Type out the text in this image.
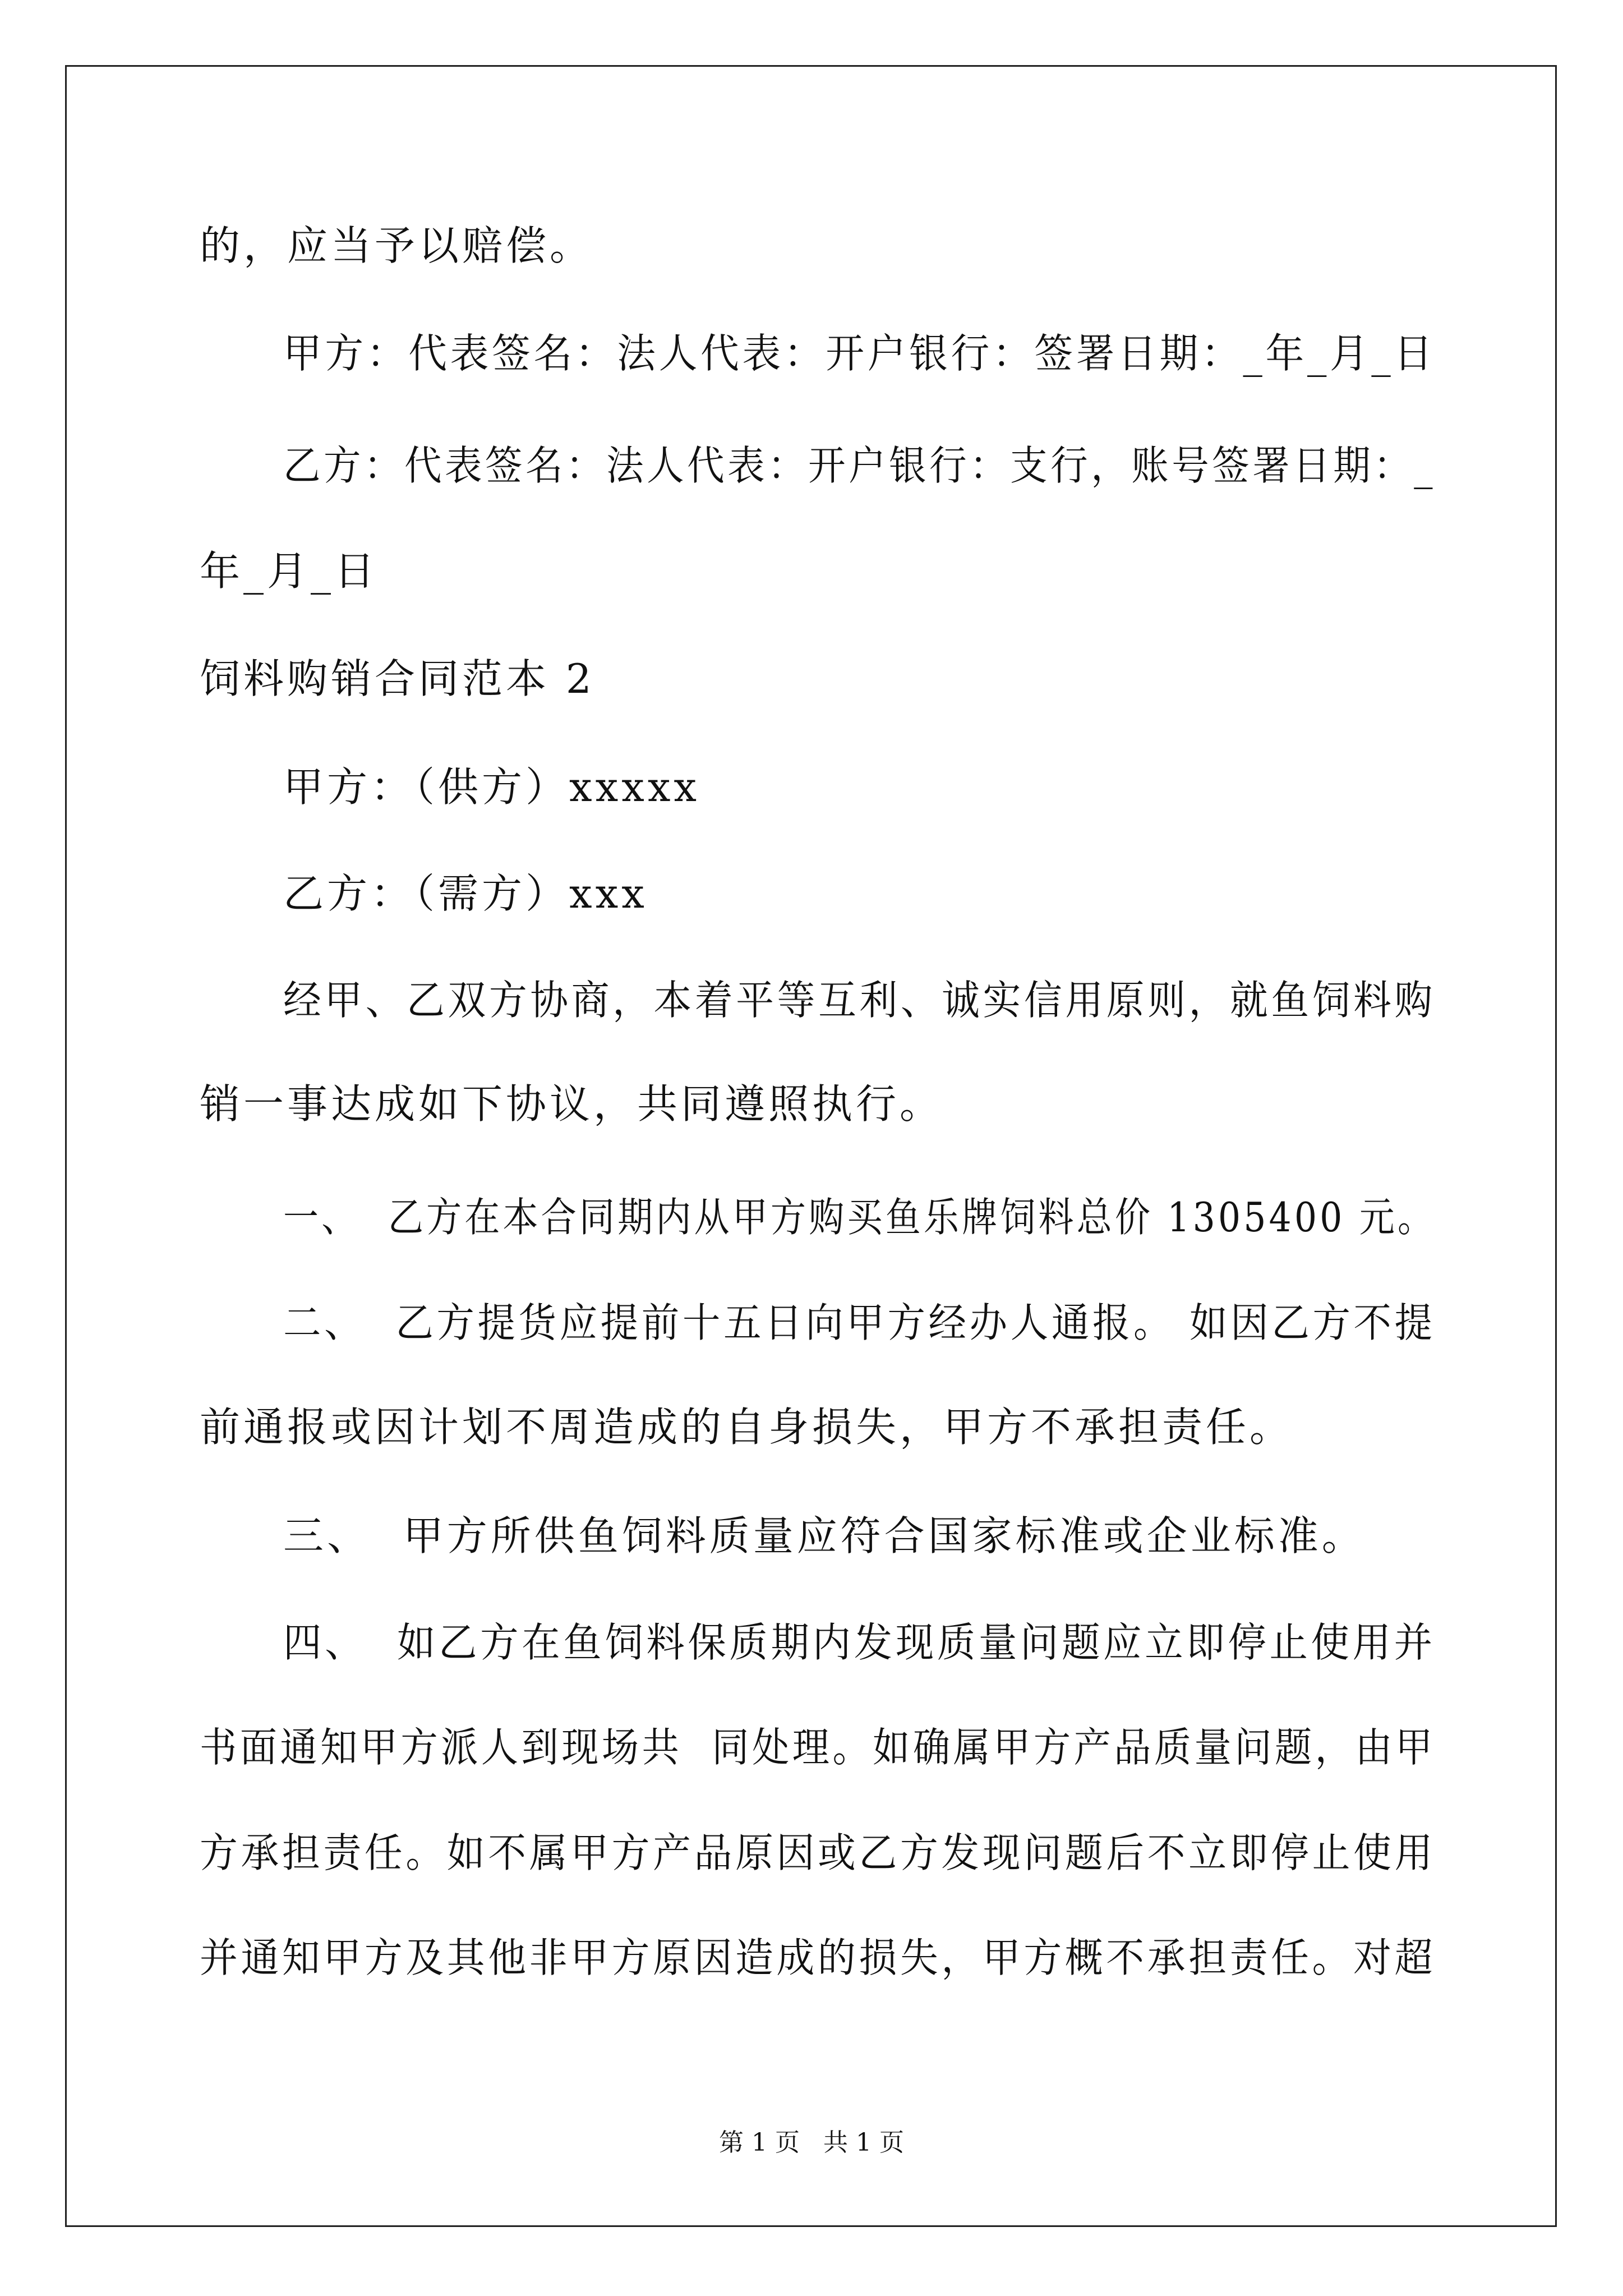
的，应当予以赔偿。
甲方：代表签名：法人代表：开户银行：签署日期：_年_月_日
乙方：代表签名：法人代表：开户银行：支行，账号签署日期：_
年_月_日
饲料购销合同范本 2
甲方：（供方）xxxxx
乙方：（需方）xxx
经甲、乙双方协商，本着平等互利、诚实信用原则，就鱼饲料购
销一事达成如下协议，共同遵照执行。
一、  乙方在本合同期内从甲方购买鱼乐牌饲料总价 1305400 元。
二、  乙方提货应提前十五日向甲方经办人通报。 如因乙方不提
前通报或因计划不周造成的自身损失，甲方不承担责任。
三、  甲方所供鱼饲料质量应符合国家标准或企业标准。
四、  如乙方在鱼饲料保质期内发现质量问题应立即停止使用并
书面通知甲方派人到现场共  同处理。如确属甲方产品质量问题，由甲
方承担责任。如不属甲方产品原因或乙方发现问题后不立即停止使用
并通知甲方及其他非甲方原因造成的损失，甲方概不承担责任。对超
第 1 页   共 1 页
